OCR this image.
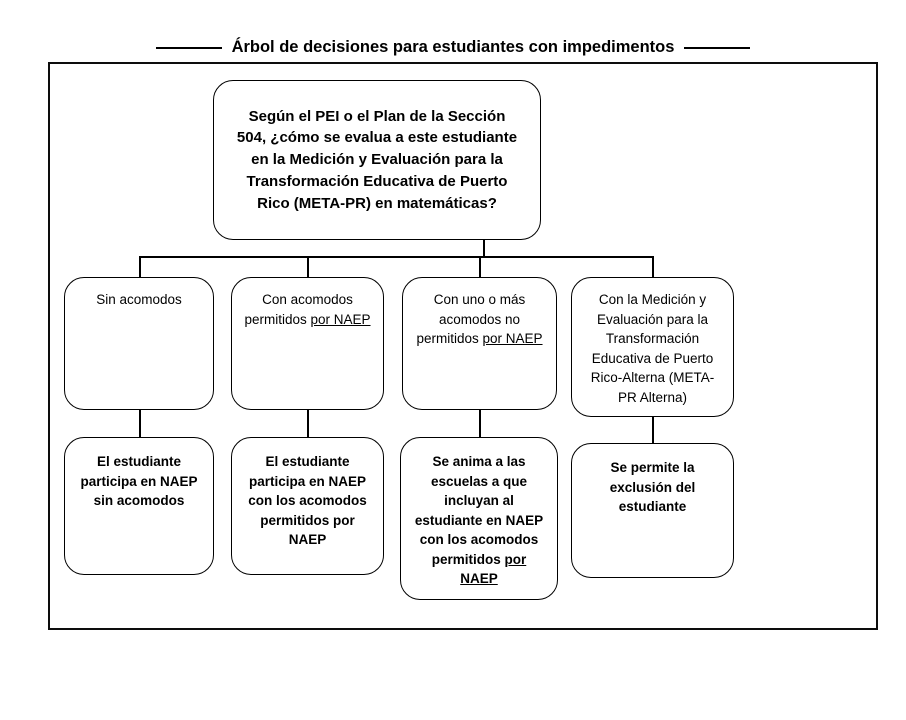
Árbol de decisiones para estudiantes con impedimentos

Según el PEI o el Plan de la Sección 504, ¿cómo se evalua a este estudiante en la Medición y Evaluación para la Transformación Educativa de Puerto Rico (META-PR) en matemáticas?

Sin acomodos	Con acomodos permitidos por NAEP

Con uno o más acomodos no permitidos por NAEP

Con la Medición y Evaluación para la Transformación Educativa de Puerto Rico-Alterna (META-PR Alterna)

El estudiante participa en NAEP sin acomodos

El estudiante participa en NAEP con los acomodos permitidos por NAEP

Se anima a las escuelas a que incluyan al estudiante en NAEP con los acomodos permitidos por NAEP

Se permite la exclusión del estudiante
